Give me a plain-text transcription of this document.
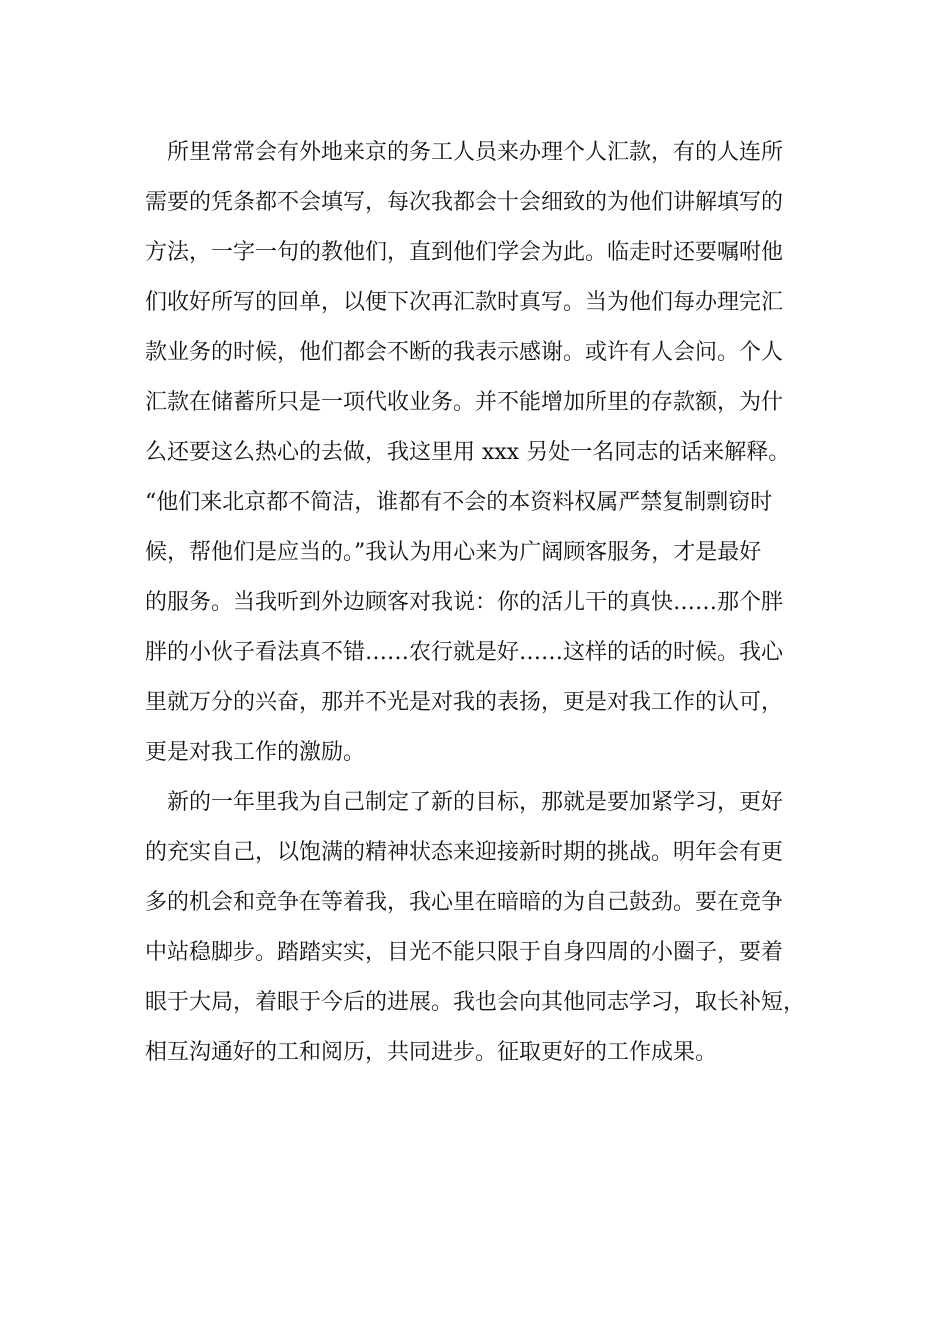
所里常常会有外地来京的务工人员来办理个人汇款，有的人连所
需要的凭条都不会填写，每次我都会十会细致的为他们讲解填写的
方法，一字一句的教他们，直到他们学会为此。临走时还要嘱咐他
们收好所写的回单，以便下次再汇款时真写。当为他们每办理完汇
款业务的时候，他们都会不断的我表示感谢。或许有人会问。个人
汇款在储蓄所只是一项代收业务。并不能增加所里的存款额，为什
么还要这么热心的去做，我这里用 xxx 另处一名同志的话来解释。
“他们来北京都不简洁，谁都有不会的本资料权属严禁复制剽窃时
候，帮他们是应当的。”我认为用心来为广阔顾客服务，才是最好
的服务。当我听到外边顾客对我说：你的活儿干的真快……那个胖
胖的小伙子看法真不错……农行就是好……这样的话的时候。我心
里就万分的兴奋，那并不光是对我的表扬，更是对我工作的认可，
更是对我工作的激励。
新的一年里我为自己制定了新的目标，那就是要加紧学习，更好
的充实自己，以饱满的精神状态来迎接新时期的挑战。明年会有更
多的机会和竞争在等着我，我心里在暗暗的为自己鼓劲。要在竞争
中站稳脚步。踏踏实实，目光不能只限于自身四周的小圈子，要着
眼于大局，着眼于今后的进展。我也会向其他同志学习，取长补短，
相互沟通好的工和阅历，共同进步。征取更好的工作成果。
